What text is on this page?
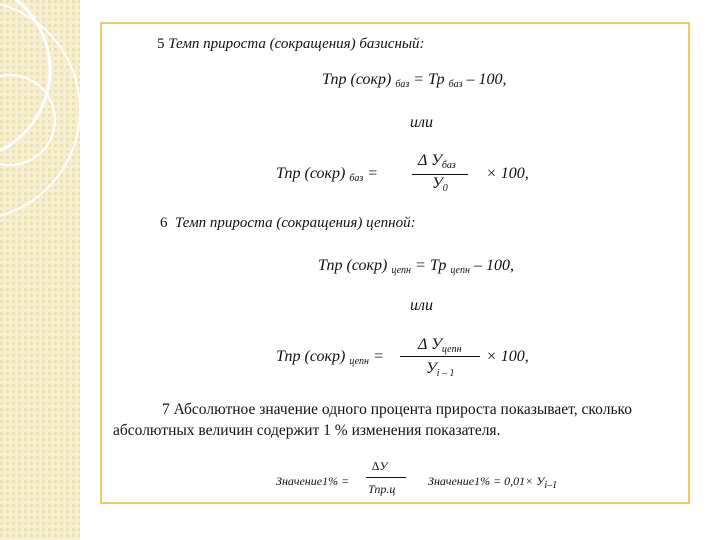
5 Темп прироста (сокращения) базисный:
Тпр (сокр) $_{баз}$ = Тр $_{баз}$ – 100,
или
Тпр (сокр) $_{баз}$ =
Δ $У_{баз}$
$У_0$
× 100,
6 Темп прироста (сокращения) цепной:
Тпр (сокр) $_{цепн}$ = Тр $_{цепн}$ – 100,
или
Тпр (сокр) $_{цепн}$ =
Δ $У_{цепн}$
$У_{i - 1}$
× 100,
7 Абсолютное значение одного процента прироста показывает, сколько
абсолютных величин содержит 1 % изменения показателя.
Значение1% =
∆У
Тпр.ц
Значение1% = $0,01\times У_{i-1}$
